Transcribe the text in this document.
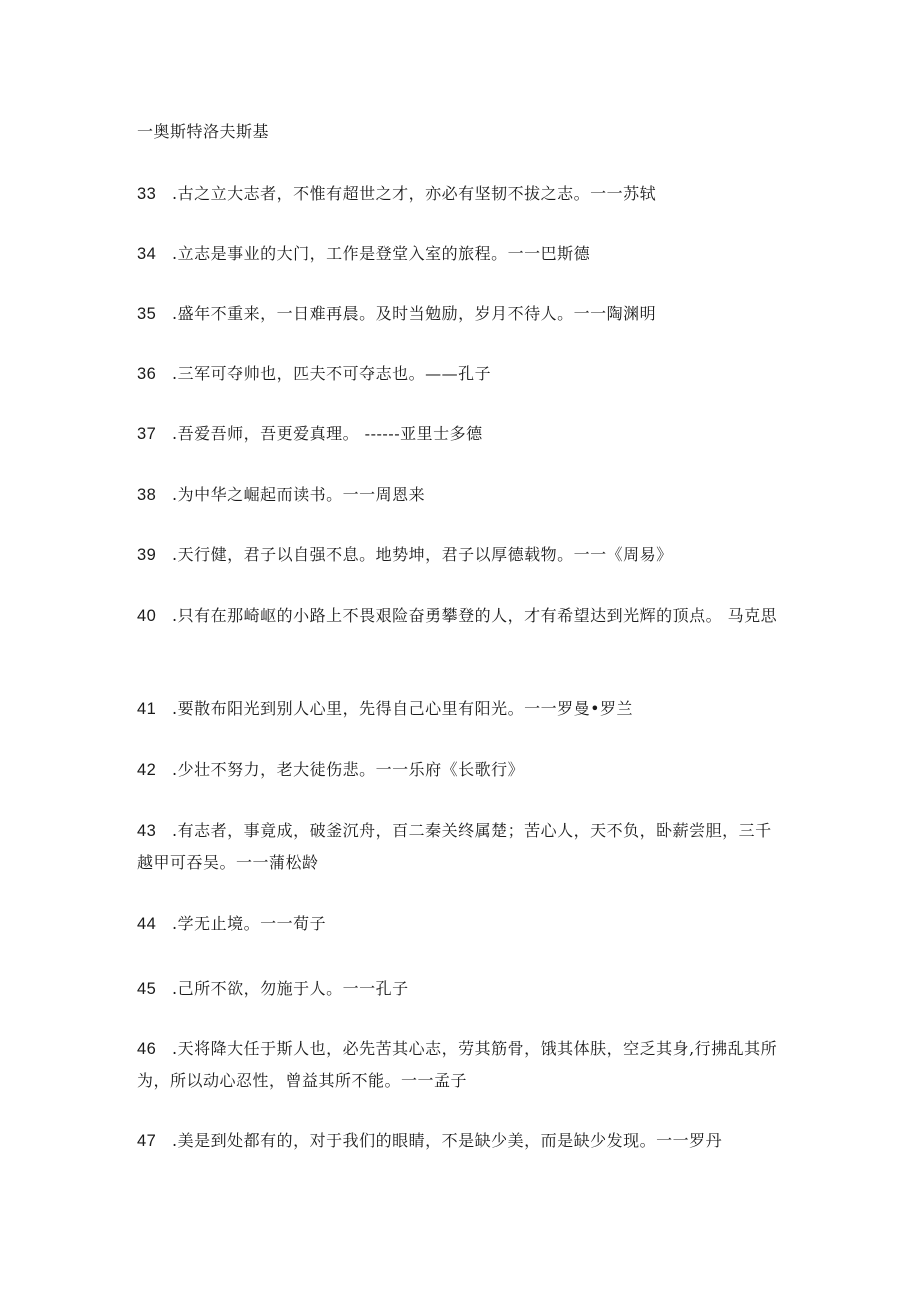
一奥斯特洛夫斯基
33 .古之立大志者，不惟有超世之才，亦必有坚韧不拔之志。一一苏轼
34 .立志是事业的大门，工作是登堂入室的旅程。一一巴斯德
35 .盛年不重来，一日难再晨。及时当勉励，岁月不待人。一一陶渊明
36 .三军可夺帅也，匹夫不可夺志也。——孔子
37 .吾爱吾师，吾更爱真理。 ------亚里士多德
38 .为中华之崛起而读书。一一周恩来
39 .天行健，君子以自强不息。地势坤，君子以厚德载物。一一《周易》
40 .只有在那崎岖的小路上不畏艰险奋勇攀登的人，才有希望达到光辉的顶点。 马克思
41 .要散布阳光到别人心里，先得自己心里有阳光。一一罗曼•罗兰
42 .少壮不努力，老大徒伤悲。一一乐府《长歌行》
43 .有志者，事竟成，破釜沉舟，百二秦关终属楚；苦心人，天不负，卧薪尝胆，三千越甲可吞吴。一一蒲松龄
44 .学无止境。一一荀子
45 .己所不欲，勿施于人。一一孔子
46 .天将降大任于斯人也，必先苦其心志，劳其筋骨，饿其体肤，空乏其身,行拂乱其所为，所以动心忍性，曾益其所不能。一一孟子
47 .美是到处都有的，对于我们的眼睛，不是缺少美，而是缺少发现。一一罗丹
